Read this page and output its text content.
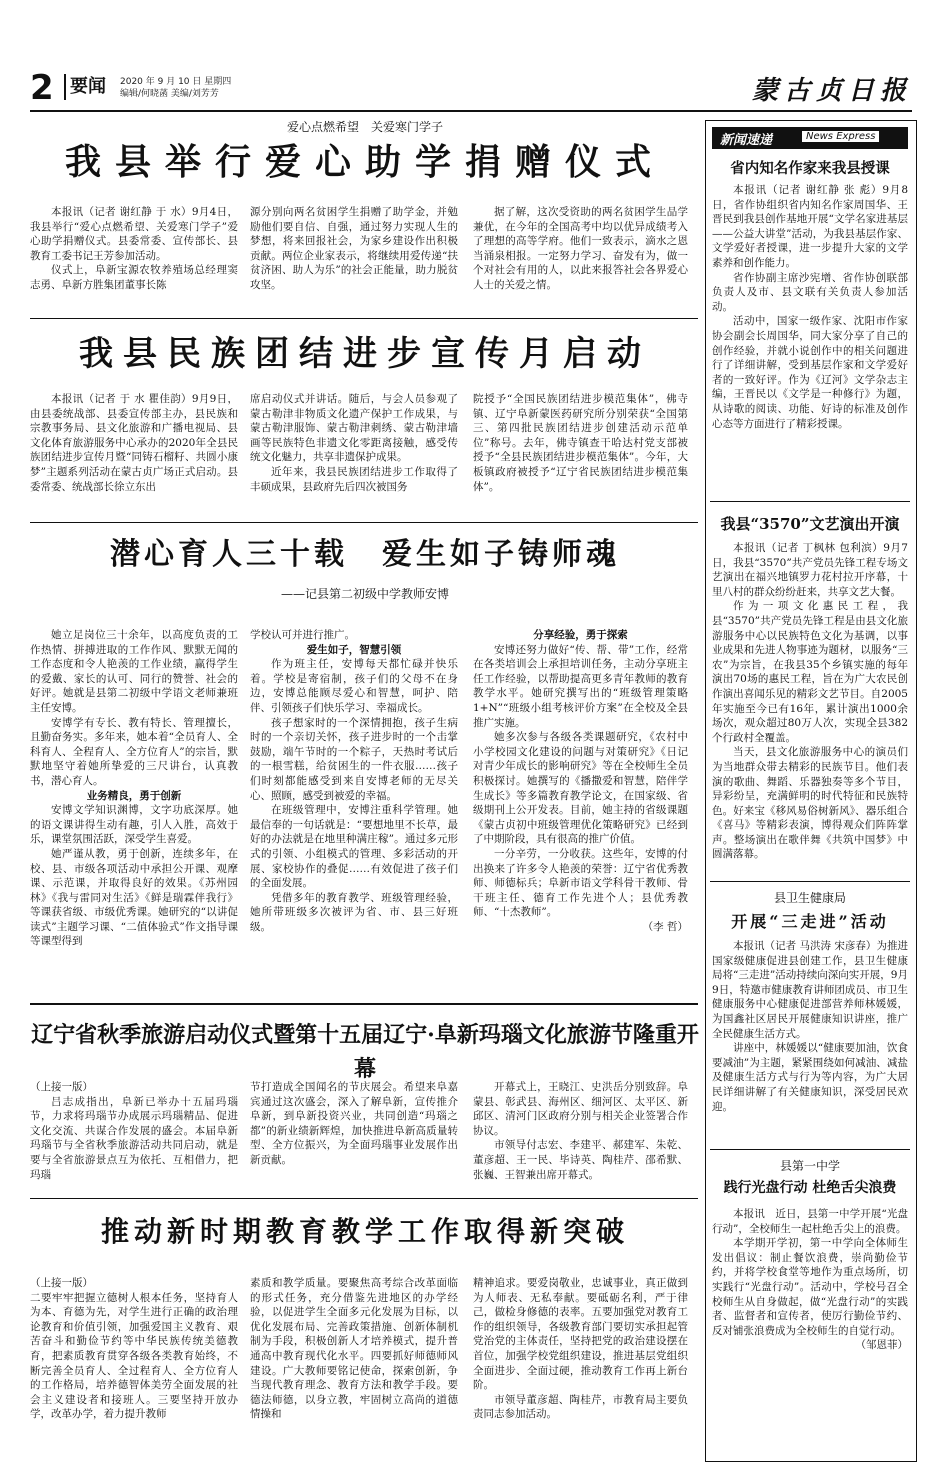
2 要闻 2020 年 9 月 10 日 星期四
编辑/何晓菡 美编/刘芳芳	蒙古贞日报
爱心点燃希望　关爱寒门学子
我县举行爱心助学捐赠仪式

本报讯（记者 谢红静 于 水）9月4日，我县举行“爱心点燃希望、关爱寒门学子”爱心助学捐赠仪式。县委常委、宣传部长、县教育工委书记王芳参加活动。
仪式上，阜新宝源农牧养殖场总经理窦志勇、阜新方胜集团董事长陈

源分别向两名贫困学生捐赠了助学金，并勉励他们要自信、自强，通过努力实现人生的梦想，将来回报社会，为家乡建设作出积极贡献。两位企业家表示，将继续用爱传递“扶贫济困、助人为乐”的社会正能量，助力脱贫攻坚。

据了解，这次受资助的两名贫困学生品学兼优，在今年的全国高考中均以优异成绩考入了理想的高等学府。他们一致表示，滴水之恩当涌泉相报。一定努力学习、奋发有为，做一个对社会有用的人，以此来报答社会各界爱心人士的关爱之情。

我县民族团结进步宣传月启动

本报讯（记者 于 水 瞿佳韵）9月9日，由县委统战部、县委宣传部主办，县民族和宗教事务局、县文化旅游和广播电视局、县文化体育旅游服务中心承办的2020年全县民族团结进步宣传月暨“同铸石榴籽、共圆小康梦”主题系列活动在蒙古贞广场正式启动。县委常委、统战部长徐立东出

席启动仪式并讲话。随后，与会人员参观了蒙古勒津非物质文化遗产保护工作成果，与蒙古勒津服饰、蒙古勒津刺绣、蒙古勒津墙画等民族特色非遗文化零距离接触，感受传统文化魅力，共享非遗保护成果。
近年来，我县民族团结进步工作取得了丰硕成果，县政府先后四次被国务

院授予“全国民族团结进步模范集体”，佛寺镇、辽宁阜新蒙医药研究所分别荣获“全国第三、第四批民族团结进步创建活动示范单位”称号。去年，佛寺镇查干哈达村党支部被授予“全县民族团结进步模范集体”。今年，大板镇政府被授予“辽宁省民族团结进步模范集体”。

潜心育人三十载　爱生如子铸师魂
——记县第二初级中学教师安博

她立足岗位三十余年，以高度负责的工作热情、拼搏进取的工作作风、默默无闻的工作态度和令人艳羡的工作业绩，赢得学生的爱戴、家长的认可、同行的赞誉、社会的好评。她就是县第二初级中学语文老师兼班主任安博。
安博学有专长、教有特长、管理擅长，且勤奋务实。多年来，她本着“全员育人、全科育人、全程育人、全方位育人”的宗旨，默默地坚守着她所挚爱的三尺讲台，认真教书，潜心育人。

业务精良，勇于创新

安博文学知识渊博，文字功底深厚。她的语文课讲得生动有趣，引人入胜，高效于乐，课堂氛围活跃，深受学生喜爱。
她严谨从教，勇于创新，连续多年，在校、县、市级各项活动中承担公开课、观摩课、示范课，并取得良好的效果。《苏州园林》《我与雷同对生活》《鲜是瑞霖伴我行》等课获省级、市级优秀课。她研究的“以讲促读式”主题学习课、“二值体验式”作文指导课等课型得到

学校认可并进行推广。

爱生如子，智慧引领

作为班主任，安博每天都忙碌并快乐着。学校是寄宿制，孩子们的父母不在身边，安博总能顾尽爱心和智慧，呵护、陪伴、引领孩子们快乐学习、幸福成长。
孩子想家时的一个深情拥抱，孩子生病时的一个亲切关怀，孩子进步时的一个击掌鼓励，端午节时的一个粽子，天热时考试后的一根雪糕，给贫困生的一件衣服……孩子们时刻都能感受到来自安博老师的无尽关心、照顾，感受到被爱的幸福。
在班级管理中，安博注重科学管理。她最信奉的一句话就是：“要想地里不长草，最好的办法就是在地里种满庄稼”。通过多元形式的引领、小组模式的管理、多彩活动的开展、家校协作的叠促……有效促进了孩子们的全面发展。
凭借多年的教育教学、班级管理经验，她所带班级多次被评为省、市、县三好班级。

分享经验，勇于探索

安博还努力做好“传、帮、带”工作，经常在各类培训会上承担培训任务，主动分享班主任工作经验，以帮助提高更多青年教师的教育教学水平。她研究撰写出的“班级管理策略 1+N”“班级小组考核评价方案”在全校及全县推广实施。
她多次参与各级各类课题研究，《农村中小学校园文化建设的问题与对策研究》《日记对青少年成长的影响研究》等在全校师生全员积极探讨。她撰写的《播撒爱和智慧，陪伴学生成长》等多篇教育教学论文，在国家级、省级期刊上公开发表。目前，她主持的省级课题《蒙古贞初中班级管理优化策略研究》已经到了中期阶段，具有很高的推广价值。
一分辛劳，一分收获。这些年，安博的付出换来了许多令人艳羡的荣誉：辽宁省优秀教师、师德标兵；阜新市语文学科骨干教师、骨干班主任、德育工作先进个人；县优秀教师、“十杰教师”。

（李 哲）

辽宁省秋季旅游启动仪式暨第十五届辽宁·阜新玛瑙文化旅游节隆重开幕

（上接一版）

吕志成指出，阜新已举办十五届玛瑙节，力求将玛瑙节办成展示玛瑙精品、促进文化交流、共谋合作发展的盛会。本届阜新玛瑙节与全省秋季旅游活动共同启动，就是要与全省旅游景点互为依托、互相借力，把玛瑙

节打造成全国闻名的节庆展会。希望来阜嘉宾通过这次盛会，深入了解阜新，宣传推介阜新，到阜新投资兴业，共同创造“玛瑙之都”的新业绩新辉煌，加快推进阜新高质量转型、全方位振兴，为全面玛瑙事业发展作出新贡献。

开幕式上，王晓江、史洪岳分别致辞。阜蒙县、彰武县、海州区、细河区、太平区、新邱区、清河门区政府分别与相关企业签署合作协议。
市领导付志宏、李建平、郝建军、朱乾、董彦超、王一民、毕诗英、陶桂芹、邵希默、张巍、王智兼出席开幕式。

推动新时期教育教学工作取得新突破

（上接一版）

二要牢牢把握立德树人根本任务，坚持育人为本、育德为先，对学生进行正确的政治理论教育和价值引领，加强爱国主义教育、艰苦奋斗和勤俭节约等中华民族传统美德教育，把素质教育贯穿各级各类教育始终，不断完善全员育人、全过程育人、全方位育人的工作格局，培养德智体美劳全面发展的社会主义建设者和接班人。三要坚持开放办学，改革办学，着力提升教师

素质和教学质量。要聚焦高考综合改革面临的形式任务，充分借鉴先进地区的办学经验，以促进学生全面多元化发展为目标，以优化发展布局、完善政策措施、创新体制机制为手段，积极创新人才培养模式，提升普通高中教育现代化水平。四要抓好师德师风建设。广大教师要铭记使命，探索创新，争当现代教育理念、教育方法和教学手段。要德法师德，以身立教，牢固树立高尚的道德情操和

精神追求。要爱岗敬业，忠诚事业，真正做到为人师表、无私奉献。要砥砺名利，严于律己，做检身修德的表率。五要加强党对教育工作的组织领导，各级教育部门要切实承担起管党治党的主体责任，坚持把党的政治建设摆在首位，加强学校党组织建设，推进基层党组织全面进步、全面过硬，推动教育工作再上新台阶。
市领导董彦超、陶桂芹，市教育局主要负责同志参加活动。

新闻速递	News Express
省内知名作家来我县授课

本报讯（记者 谢红静 张 彪）9月8日，省作协组织省内知名作家周国华、王晋民到我县创作基地开展“文学名家进基层——公益大讲堂”活动，为我县基层作家、文学爱好者授课，进一步提升大家的文学素养和创作能力。
省作协副主席沙宪增、省作协创联部负责人及市、县文联有关负责人参加活动。
活动中，国家一级作家、沈阳市作家协会副会长周国华，同大家分享了自己的创作经验，并就小说创作中的相关问题进行了详细讲解，受到基层作家和文学爱好者的一致好评。作为《辽河》文学杂志主编，王晋民以《文学是一种修行》为题，从诗歌的阅读、功能、好诗的标准及创作心态等方面进行了精彩授课。

我县“3570”文艺演出开演

本报讯（记者 丁枫林 包利滨）9月7日，我县“3570”共产党员先锋工程专场文艺演出在福兴地镇罗力花村拉开序幕，十里八村的群众纷纷赶来，共享文艺大餐。
作为一项文化惠民工程，我县“3570”共产党员先锋工程是由县文化旅游服务中心以民族特色文化为基调，以事业成果和先进人物事迹为题材，以服务“三农”为宗旨，在我县35个乡镇实施的每年演出70场的惠民工程，旨在为广大农民创作演出喜闻乐见的精彩文艺节目。自2005年实施至今已有16年，累计演出1000余场次，观众超过80万人次，实现全县382个行政村全覆盖。
当天，县文化旅游服务中心的演员们为当地群众带去精彩的民族节目。他们表演的歌曲、舞蹈、乐器独奏等多个节目，异彩纷呈，充满鲜明的时代特征和民族特色。好来宝《移风易俗树新风》、器乐组合《喜马》等精彩表演，博得观众们阵阵掌声。整场演出在歌伴舞《共筑中国梦》中圆满落幕。

县卫生健康局
开展“三走进”活动

本报讯（记者 马洪涛 宋彦春）为推进国家级健康促进县创建工作，县卫生健康局将“三走进”活动持续向深向实开展，9月9日，特邀市健康教育讲师团成员、市卫生健康服务中心健康促进部营养师林媛媛，为国鑫社区居民开展健康知识讲座，推广全民健康生活方式。
讲座中，林媛媛以“健康要加油，饮食要减油”为主题，紧紧围绕如何减油、减盐及健康生活方式与行为等内容，为广大居民详细讲解了有关健康知识，深受居民欢迎。

县第一中学
践行光盘行动 杜绝舌尖浪费

本报讯　近日，县第一中学开展“光盘行动”，全校师生一起杜绝舌尖上的浪费。
本学期开学初，第一中学向全体师生发出倡议：制止餐饮浪费，崇尚勤俭节约，并将学校食堂等地作为重点场所，切实践行“光盘行动”。活动中，学校号召全校师生从自身做起，做“光盘行动”的实践者、监督者和宣传者，使厉行勤俭节约、反对铺张浪费成为全校师生的自觉行动。

（邹恩菲）
